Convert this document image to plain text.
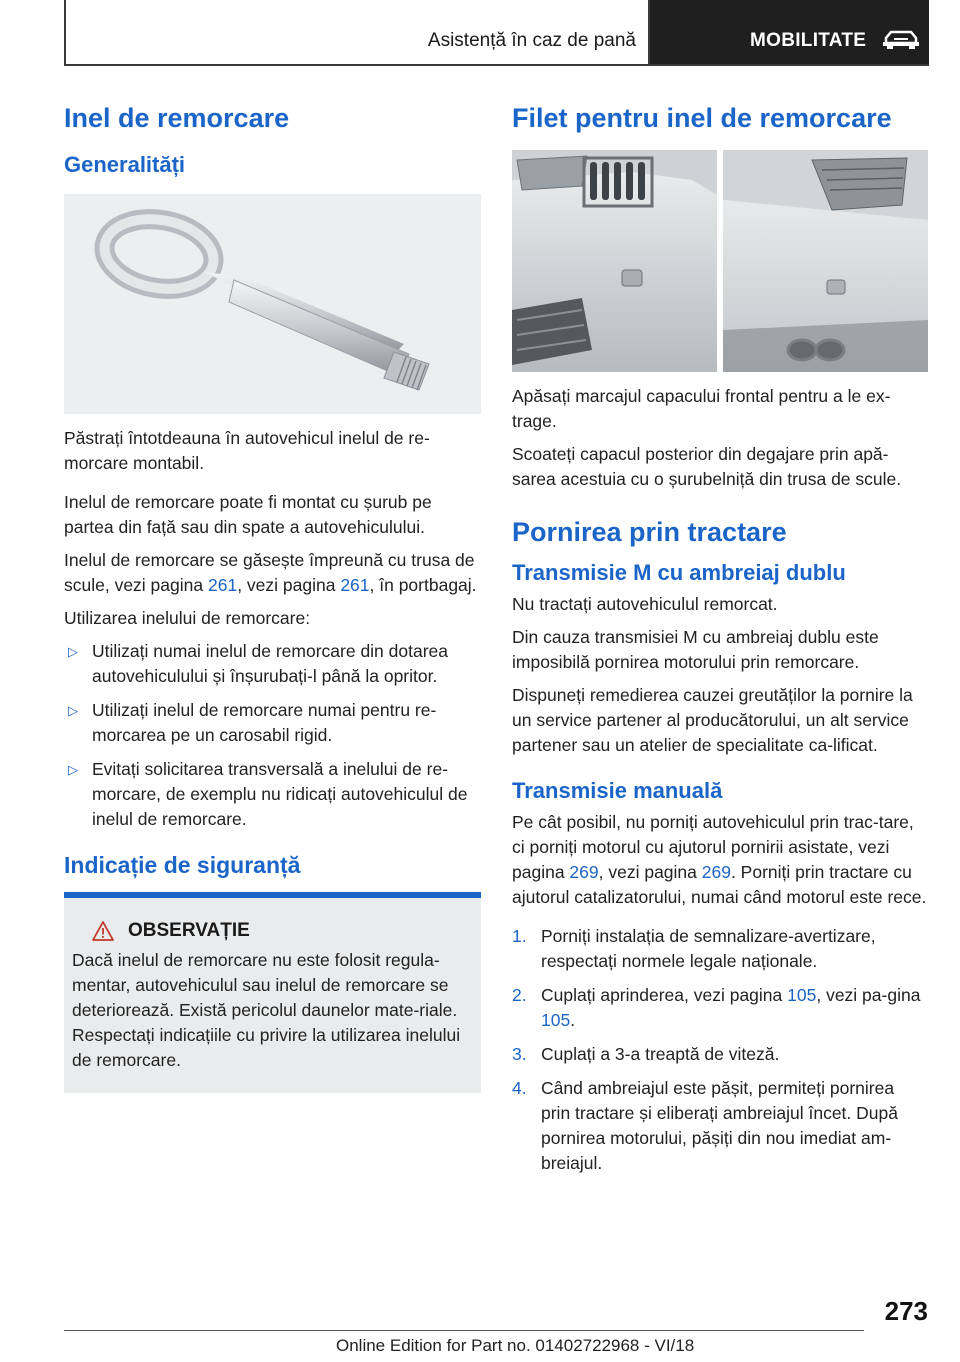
Asistență în caz de pană	MOBILITATE
Inel de remorcare
Generalități

Păstrați întotdeauna în autovehicul inelul de re-morcare montabil.

Inelul de remorcare poate fi montat cu șurub pe partea din față sau din spate a autovehiculului.

Inelul de remorcare se găsește împreună cu trusa de scule, vezi pagina 261, vezi pagina 261, în portbagaj.

Utilizarea inelului de remorcare:

▷ Utilizați numai inelul de remorcare din dotarea autovehiculului și înșurubați-l până la opritor.
▷ Utilizați inelul de remorcare numai pentru re-morcarea pe un carosabil rigid.
▷ Evitați solicitarea transversală a inelului de re-morcare, de exemplu nu ridicați autovehiculul de inelul de remorcare.
Indicație de siguranță
OBSERVAȚIE

Dacă inelul de remorcare nu este folosit regula-mentar, autovehiculul sau inelul de remorcare se deteriorează. Există pericolul daunelor mate-riale. Respectați indicațiile cu privire la utilizarea inelului de remorcare.

Filet pentru inel de remorcare

Apăsați marcajul capacului frontal pentru a le ex-trage.

Scoateți capacul posterior din degajare prin apă-sarea acestuia cu o șurubelniță din trusa de scule.

Pornirea prin tractare
Transmisie M cu ambreiaj dublu

Nu tractați autovehiculul remorcat.

Din cauza transmisiei M cu ambreiaj dublu este imposibilă pornirea motorului prin remorcare.

Dispuneți remedierea cauzei greutăților la pornire la un service partener al producătorului, un alt service partener sau un atelier de specialitate ca-lificat.

Transmisie manuală

Pe cât posibil, nu porniți autovehiculul prin trac-tare, ci porniți motorul cu ajutorul pornirii asistate, vezi pagina 269, vezi pagina 269. Porniți prin tractare cu ajutorul catalizatorului, numai când motorul este rece.

1. Porniți instalația de semnalizare-avertizare, respectați normele legale naționale.
2. Cuplați aprinderea, vezi pagina 105, vezi pa-gina 105.
3. Cuplați a 3-a treaptă de viteză.
4. Când ambreiajul este pășit, permiteți pornirea prin tractare și eliberați ambreiajul încet. După pornirea motorului, pășiți din nou imediat am-breiajul.
273
Online Edition for Part no. 01402722968 - VI/18
